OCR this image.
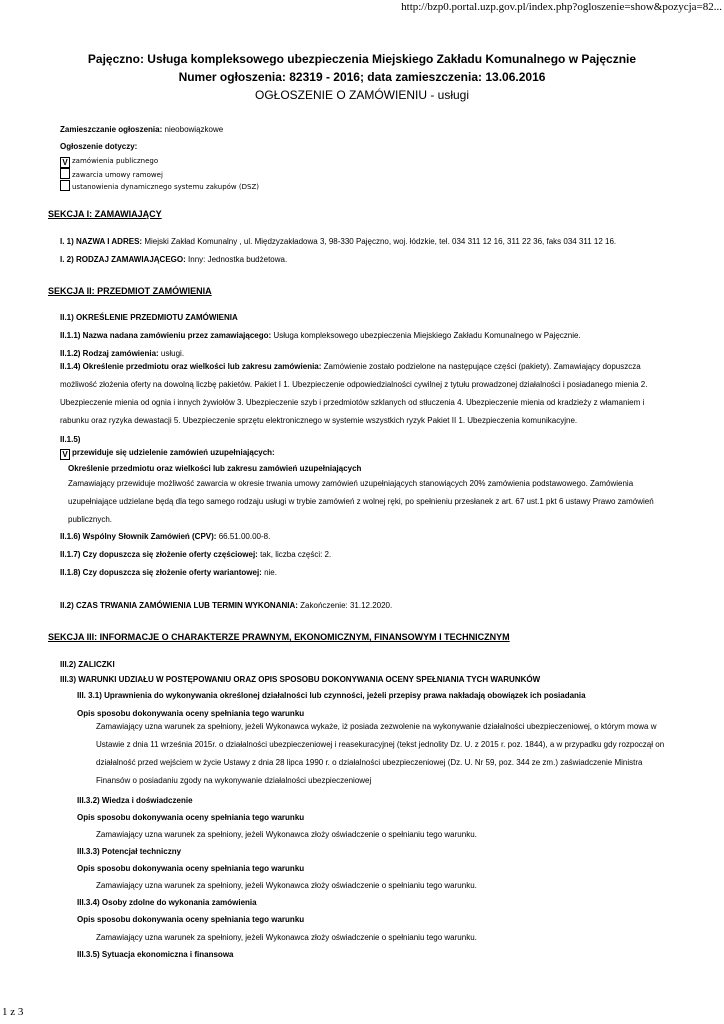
http://bzp0.portal.uzp.gov.pl/index.php?ogloszenie=show&pozycja=82...
Pajęczno: Usługa kompleksowego ubezpieczenia Miejskiego Zakładu Komunalnego w Pajęcznie
Numer ogłoszenia: 82319 - 2016; data zamieszczenia: 13.06.2016
OGŁOSZENIE O ZAMÓWIENIU - usługi
Zamieszczanie ogłoszenia: nieobowiązkowe
Ogłoszenie dotyczy:
V zamówienia publicznego
zawarcia umowy ramowej
ustanowienia dynamicznego systemu zakupów (DSZ)
SEKCJA I: ZAMAWIAJĄCY
I. 1) NAZWA I ADRES: Miejski Zakład Komunalny , ul. Międzyzakładowa 3, 98-330 Pajęczno, woj. łódzkie, tel. 034 311 12 16, 311 22 36, faks 034 311 12 16.
I. 2) RODZAJ ZAMAWIAJĄCEGO: Inny: Jednostka budżetowa.
SEKCJA II: PRZEDMIOT ZAMÓWIENIA
II.1) OKREŚLENIE PRZEDMIOTU ZAMÓWIENIA
II.1.1) Nazwa nadana zamówieniu przez zamawiającego: Usługa kompleksowego ubezpieczenia Miejskiego Zakładu Komunalnego w Pajęcznie.
II.1.2) Rodzaj zamówienia: usługi.
II.1.4) Określenie przedmiotu oraz wielkości lub zakresu zamówienia: Zamówienie zostało podzielone na następujące części (pakiety). Zamawiający dopuszcza możliwość złożenia oferty na dowolną liczbę pakietów. Pakiet I 1. Ubezpieczenie odpowiedzialności cywilnej z tytułu prowadzonej działalności i posiadanego mienia 2. Ubezpieczenie mienia od ognia i innych żywiołów 3. Ubezpieczenie szyb i przedmiotów szklanych od stłuczenia 4. Ubezpieczenie mienia od kradzieży z włamaniem i rabunku oraz ryzyka dewastacji 5. Ubezpieczenie sprzętu elektronicznego w systemie wszystkich ryzyk Pakiet II 1. Ubezpieczenia komunikacyjne.
II.1.5)
V przewiduje się udzielenie zamówień uzupełniających:
Określenie przedmiotu oraz wielkości lub zakresu zamówień uzupełniających
Zamawiający przewiduje możliwość zawarcia w okresie trwania umowy zamówień uzupełniających stanowiących 20% zamówienia podstawowego. Zamówienia uzupełniające udzielane będą dla tego samego rodzaju usługi w trybie zamówień z wolnej ręki, po spełnieniu przesłanek z art. 67 ust.1 pkt 6 ustawy Prawo zamówień publicznych.
II.1.6) Wspólny Słownik Zamówień (CPV): 66.51.00.00-8.
II.1.7) Czy dopuszcza się złożenie oferty częściowej: tak, liczba części: 2.
II.1.8) Czy dopuszcza się złożenie oferty wariantowej: nie.
II.2) CZAS TRWANIA ZAMÓWIENIA LUB TERMIN WYKONANIA: Zakończenie: 31.12.2020.
SEKCJA III: INFORMACJE O CHARAKTERZE PRAWNYM, EKONOMICZNYM, FINANSOWYM I TECHNICZNYM
III.2) ZALICZKI
III.3) WARUNKI UDZIAŁU W POSTĘPOWANIU ORAZ OPIS SPOSOBU DOKONYWANIA OCENY SPEŁNIANIA TYCH WARUNKÓW
III. 3.1) Uprawnienia do wykonywania określonej działalności lub czynności, jeżeli przepisy prawa nakładają obowiązek ich posiadania
Opis sposobu dokonywania oceny spełniania tego warunku
Zamawiający uzna warunek za spełniony, jeżeli Wykonawca wykaże, iż posiada zezwolenie na wykonywanie działalności ubezpieczeniowej, o którym mowa w Ustawie z dnia 11 września 2015r. o działalności ubezpieczeniowej i reasekuracyjnej (tekst jednolity Dz. U. z 2015 r. poz. 1844), a w przypadku gdy rozpoczął on działalność przed wejściem w życie Ustawy z dnia 28 lipca 1990 r. o działalności ubezpieczeniowej (Dz. U. Nr 59, poz. 344 ze zm.) zaświadczenie Ministra Finansów o posiadaniu zgody na wykonywanie działalności ubezpieczeniowej
III.3.2) Wiedza i doświadczenie
Opis sposobu dokonywania oceny spełniania tego warunku
Zamawiający uzna warunek za spełniony, jeżeli Wykonawca złoży oświadczenie o spełnianiu tego warunku.
III.3.3) Potencjał techniczny
Opis sposobu dokonywania oceny spełniania tego warunku
Zamawiający uzna warunek za spełniony, jeżeli Wykonawca złoży oświadczenie o spełnianiu tego warunku.
III.3.4) Osoby zdolne do wykonania zamówienia
Opis sposobu dokonywania oceny spełniania tego warunku
Zamawiający uzna warunek za spełniony, jeżeli Wykonawca złoży oświadczenie o spełnianiu tego warunku.
III.3.5) Sytuacja ekonomiczna i finansowa
1 z 3
